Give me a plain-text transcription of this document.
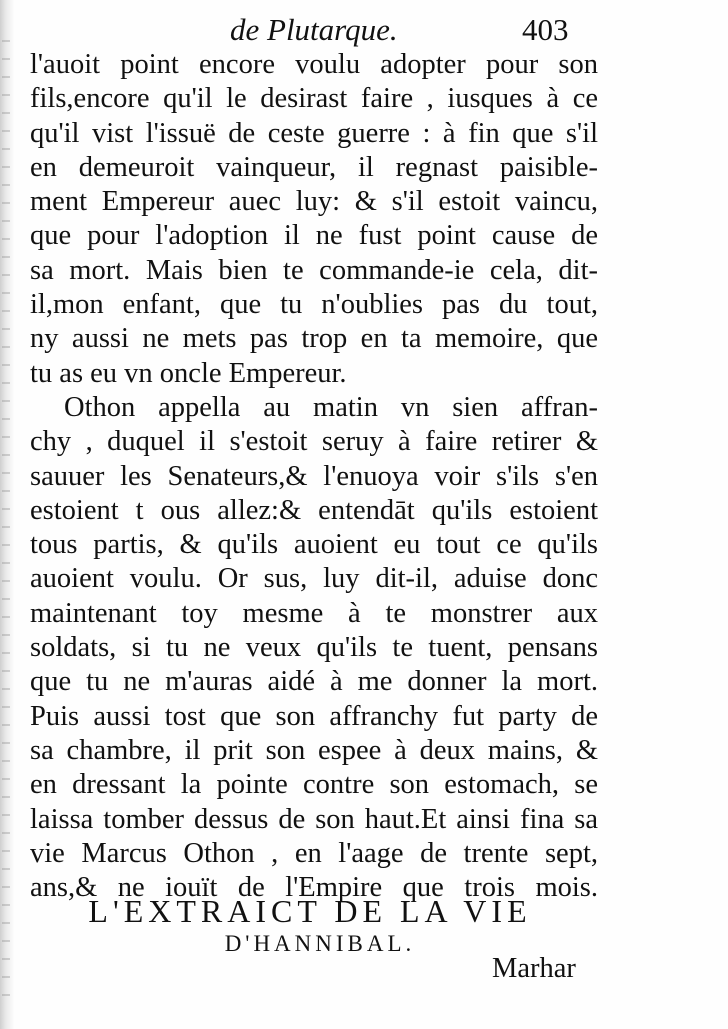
de Plutarque.	403
l'auoit point encore voulu adopter pour son
fils,encore qu'il le desirast faire , iusques à ce
qu'il vist l'issuë de ceste guerre : à fin que s'il
en demeuroit vainqueur, il regnast paisible-
ment Empereur auec luy: & s'il estoit vaincu,
que pour l'adoption il ne fust point cause de
sa mort. Mais bien te commande-ie cela, dit-
il,mon enfant, que tu n'oublies pas du tout,
ny aussi ne mets pas trop en ta memoire, que
tu as eu vn oncle Empereur.
Othon appella au matin vn sien affran-
chy , duquel il s'estoit seruy à faire retirer &
sauuer les Senateurs,& l'enuoya voir s'ils s'en
estoient t ous allez:& entendāt qu'ils estoient
tous partis, & qu'ils auoient eu tout ce qu'ils
auoient voulu. Or sus, luy dit-il, aduise donc
maintenant toy mesme à te monstrer aux
soldats, si tu ne veux qu'ils te tuent, pensans
que tu ne m'auras aidé à me donner la mort.
Puis aussi tost que son affranchy fut party de
sa chambre, il prit son espee à deux mains, &
en dressant la pointe contre son estomach, se
laissa tomber dessus de son haut.Et ainsi fina sa
vie Marcus Othon , en l'aage de trente sept,
ans,& ne iouït de l'Empire que trois mois.
L'EXTRAICT DE LA VIE
D'HANNIBAL.
Marhar
